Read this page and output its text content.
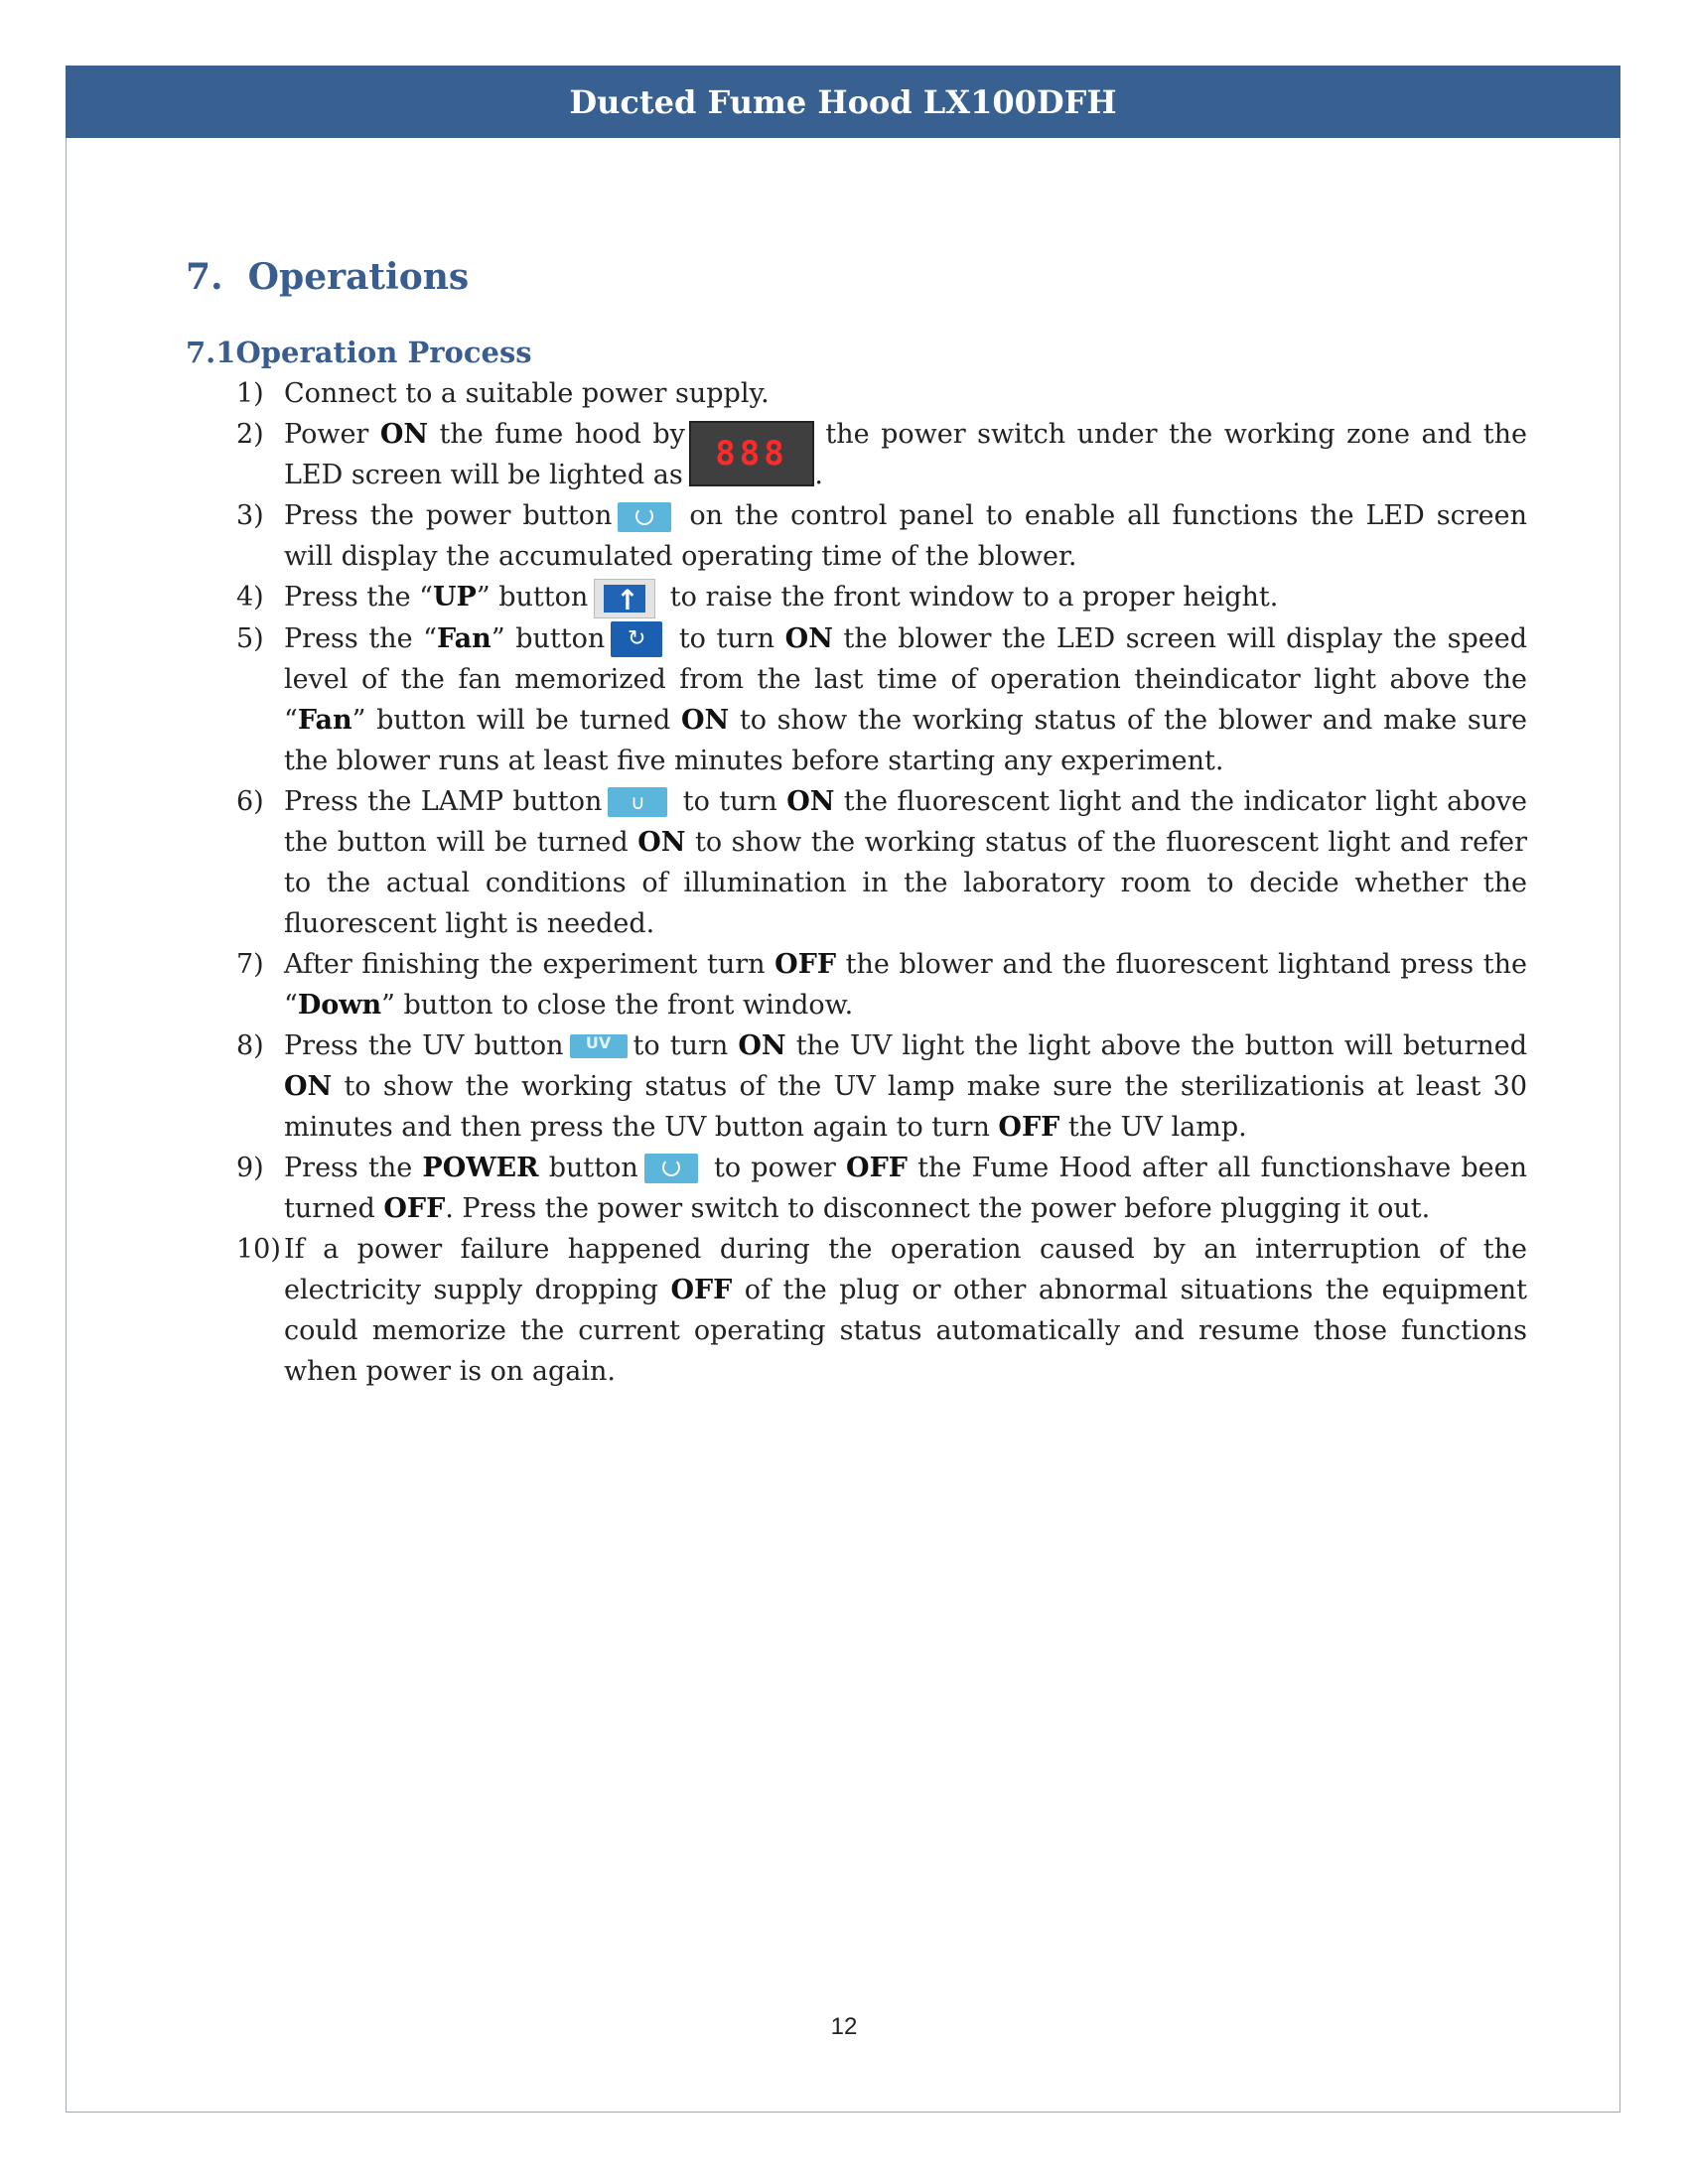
Ducted Fume Hood LX100DFH
7. Operations
7.1Operation Process
888
1) Connect to a suitable power supply.
2) Power ON the fume hood by	the power switch under the working zone and the LED screen will be lighted as	.
3) Press the power button on the control panel to enable all functions the LED screen will display the accumulated operating time of the blower.
4) Press the “UP” button↑	to raise the front window to a proper height.
5) Press the “Fan” button ↻ to turn ON the blower the LED screen will display the speed level of the fan memorized from the last time of operation theindicator light above the “Fan” button will be turned ON to show the working status of the blower and make sure the blower runs at least five minutes before starting any experiment.
6) Press the LAMP button ∪ to turn ON the fluorescent light and the indicator light above the button will be turned ON to show the working status of the fluorescent light and refer to the actual conditions of illumination in the laboratory room to decide whether the fluorescent light is needed.
7) After finishing the experiment turn OFF the blower and the fluorescent lightand press the “Down” button to close the front window.
8) Press the UV button UV to turn ON the UV light the light above the button will beturned ON to show the working status of the UV lamp make sure the sterilizationis at least 30 minutes and then press the UV button again to turn OFF the UV lamp.
9) Press the POWER button to power OFF the Fume Hood after all functionshave been turned OFF. Press the power switch to disconnect the power before plugging it out.
10) If a power failure happened during the operation caused by an interruption of the electricity supply dropping OFF of the plug or other abnormal situations the equipment could memorize the current operating status automatically and resume those functions when power is on again.
12
